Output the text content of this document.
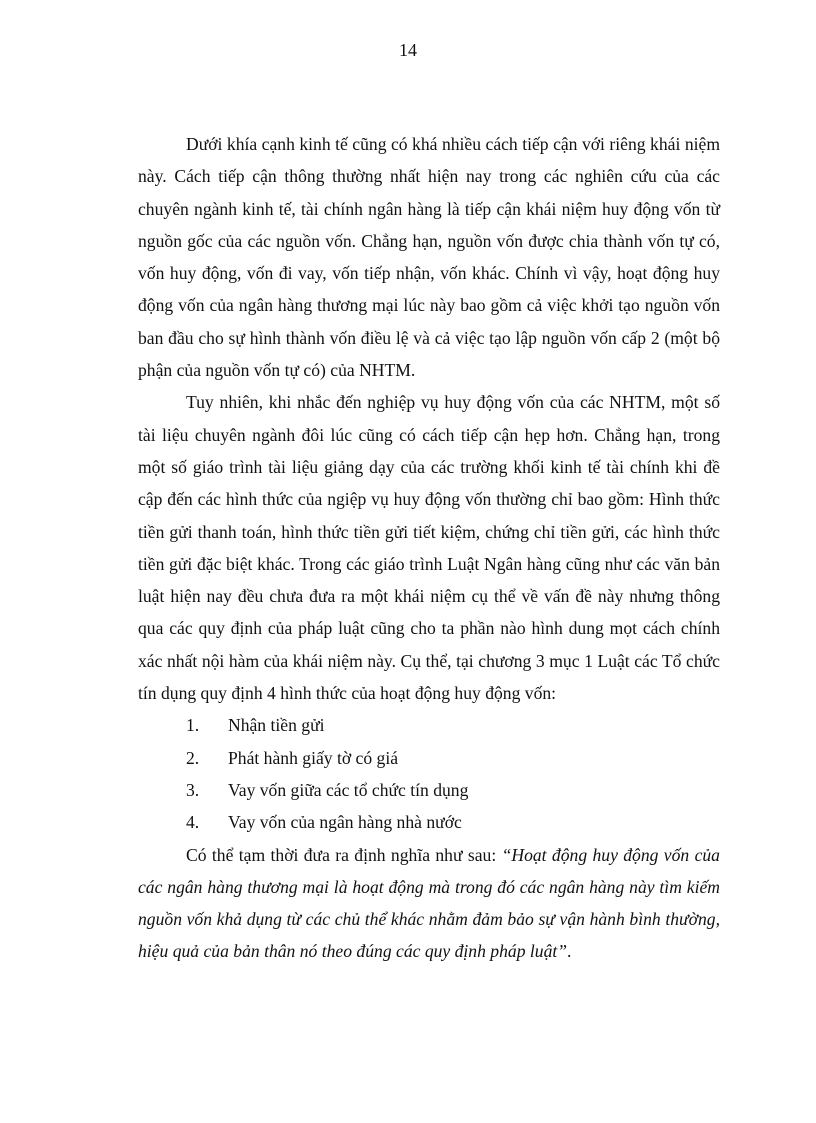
14

Dưới khía cạnh kinh tế cũng có khá nhiều cách tiếp cận với riêng khái niệm này. Cách tiếp cận thông thường nhất hiện nay trong các nghiên cứu của các chuyên ngành kinh tế, tài chính ngân hàng là tiếp cận khái niệm huy động vốn từ nguồn gốc của các nguồn vốn. Chẳng hạn, nguồn vốn được chia thành vốn tự có, vốn huy động, vốn đi vay, vốn tiếp nhận, vốn khác. Chính vì vậy, hoạt động huy động vốn của ngân hàng thương mại lúc này bao gồm cả việc khởi tạo nguồn vốn ban đầu cho sự hình thành vốn điều lệ và cả việc tạo lập nguồn vốn cấp 2 (một bộ phận của nguồn vốn tự có) của NHTM.

Tuy nhiên, khi nhắc đến nghiệp vụ huy động vốn của các NHTM, một số tài liệu chuyên ngành đôi lúc cũng có cách tiếp cận hẹp hơn. Chẳng hạn, trong một số giáo trình tài liệu giảng dạy của các trường khối kinh tế tài chính khi đề cập đến các hình thức của ngiệp vụ huy động vốn thường chỉ bao gồm: Hình thức tiền gửi thanh toán, hình thức tiền gửi tiết kiệm, chứng chỉ tiền gửi, các hình thức tiền gửi đặc biệt khác. Trong các giáo trình Luật Ngân hàng cũng như các văn bản luật hiện nay đều chưa đưa ra một khái niệm cụ thể về vấn đề này nhưng thông qua các quy định của pháp luật cũng cho ta phần nào hình dung mọt cách chính xác nhất nội hàm của khái niệm này. Cụ thể, tại chương 3 mục 1 Luật các Tổ chức tín dụng quy định 4 hình thức của hoạt động huy động vốn:

1. Nhận tiền gửi
2. Phát hành giấy tờ có giá
3. Vay vốn giữa các tổ chức tín dụng
4. Vay vốn của ngân hàng nhà nước

Có thể tạm thời đưa ra định nghĩa như sau: “Hoạt động huy động vốn của các ngân hàng thương mại là hoạt động mà trong đó các ngân hàng này tìm kiếm nguồn vốn khả dụng từ các chủ thể khác nhằm đảm bảo sự vận hành bình thường, hiệu quả của bản thân nó theo đúng các quy định pháp luật”.
